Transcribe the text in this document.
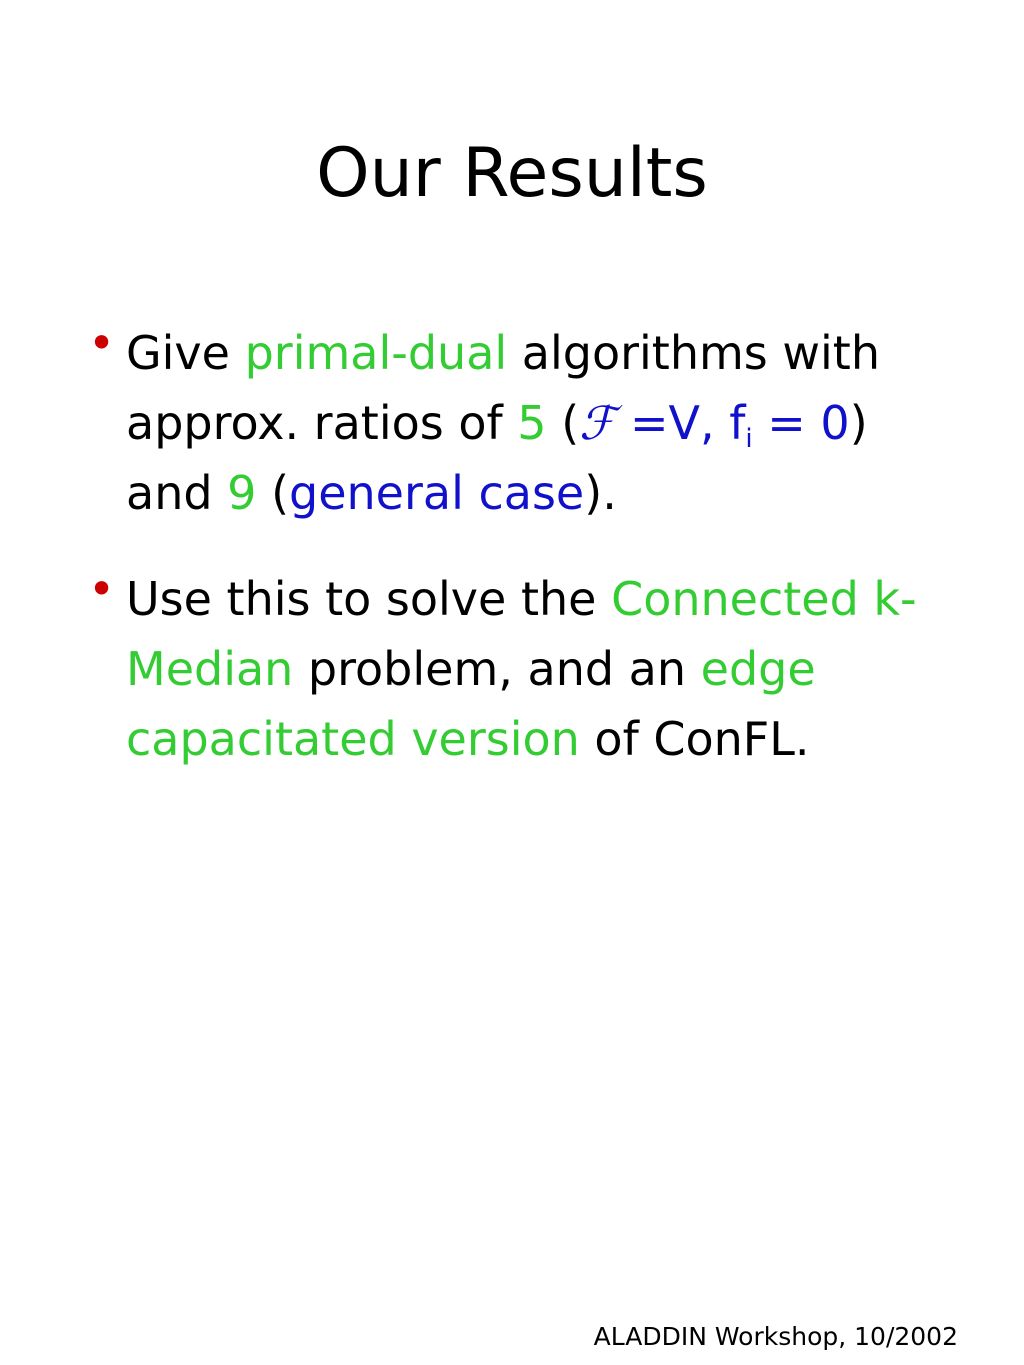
Our Results
• Give primal-dual algorithms with approx. ratios of 5 (ℱ =V, $f_i = 0$) and 9 (general case).
• Use this to solve the Connected k-Median problem, and an edge capacitated version of ConFL.
ALADDIN Workshop, 10/2002
